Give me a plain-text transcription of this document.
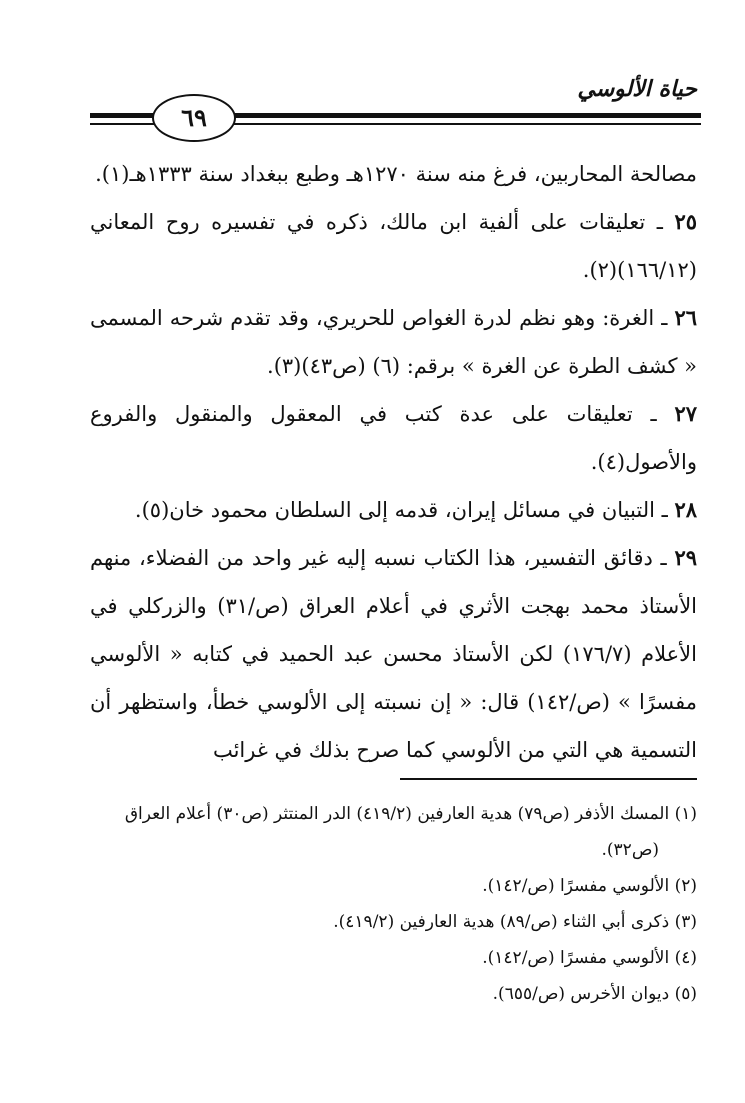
حياة الألوسي
٦٩

مصالحة المحاربين، فرغ منه سنة ١٢٧٠هـ وطبع ببغداد سنة ١٣٣٣هـ(١).

٢٥ ـ تعليقات على ألفية ابن مالك، ذكره في تفسيره روح المعاني (١٦٦/١٢)(٢).

٢٦ ـ الغرة: وهو نظم لدرة الغواص للحريري، وقد تقدم شرحه المسمى « كشف الطرة عن الغرة » برقم: (٦) (ص٤٣)(٣).

٢٧ ـ تعليقات على عدة كتب في المعقول والمنقول والفروع والأصول(٤).

٢٨ ـ التبيان في مسائل إيران، قدمه إلى السلطان محمود خان(٥).

٢٩ ـ دقائق التفسير، هذا الكتاب نسبه إليه غير واحد من الفضلاء، منهم الأستاذ محمد بهجت الأثري في أعلام العراق (ص/٣١) والزركلي في الأعلام (١٧٦/٧) لكن الأستاذ محسن عبد الحميد في كتابه « الألوسي مفسرًا » (ص/١٤٢) قال: « إن نسبته إلى الألوسي خطأ، واستظهر أن التسمية هي التي من الألوسي كما صرح بذلك في غرائب

(١) المسك الأذفر (ص٧٩) هدية العارفين (٤١٩/٢) الدر المنتثر (ص٣٠) أعلام العراق
(ص٣٢).
(٢) الألوسي مفسرًا (ص/١٤٢).
(٣) ذكرى أبي الثناء (ص/٨٩) هدية العارفين (٤١٩/٢).
(٤) الألوسي مفسرًا (ص/١٤٢).
(٥) ديوان الأخرس (ص/٦٥٥).
